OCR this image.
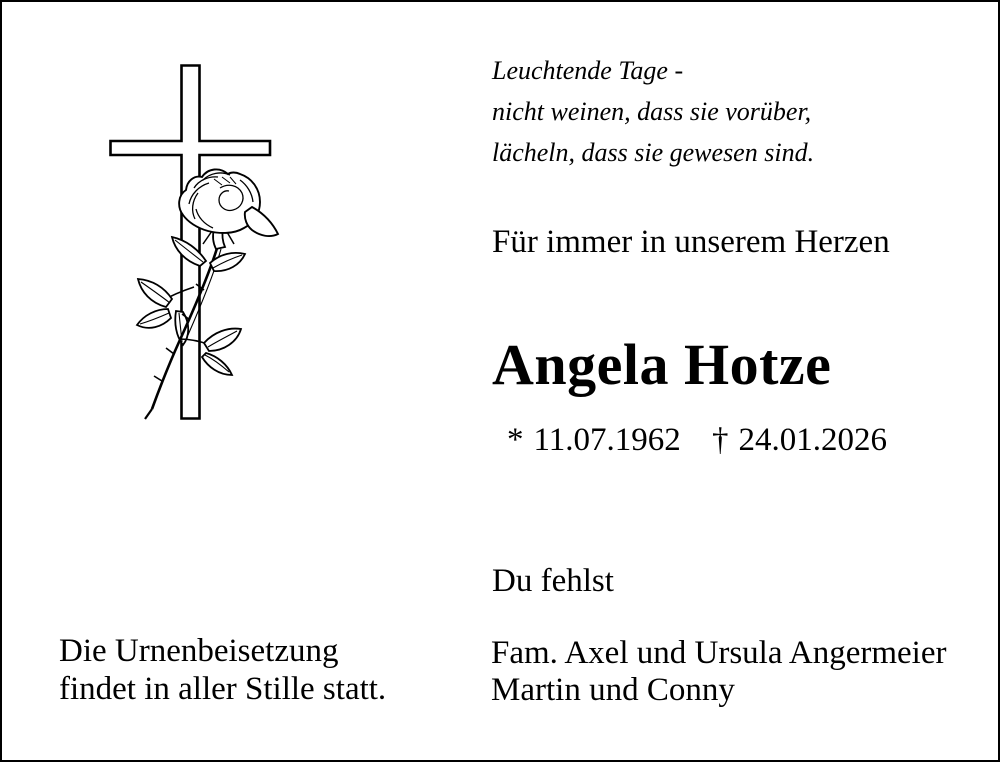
Leuchtende Tage -
nicht weinen, dass sie vorüber,
lächeln, dass sie gewesen sind.
Für immer in unserem Herzen
Angela Hotze
* 11.07.1962 † 24.01.2026
Du fehlst
Fam. Axel und Ursula Angermeier
Martin und Conny
Die Urnenbeisetzung
findet in aller Stille statt.
